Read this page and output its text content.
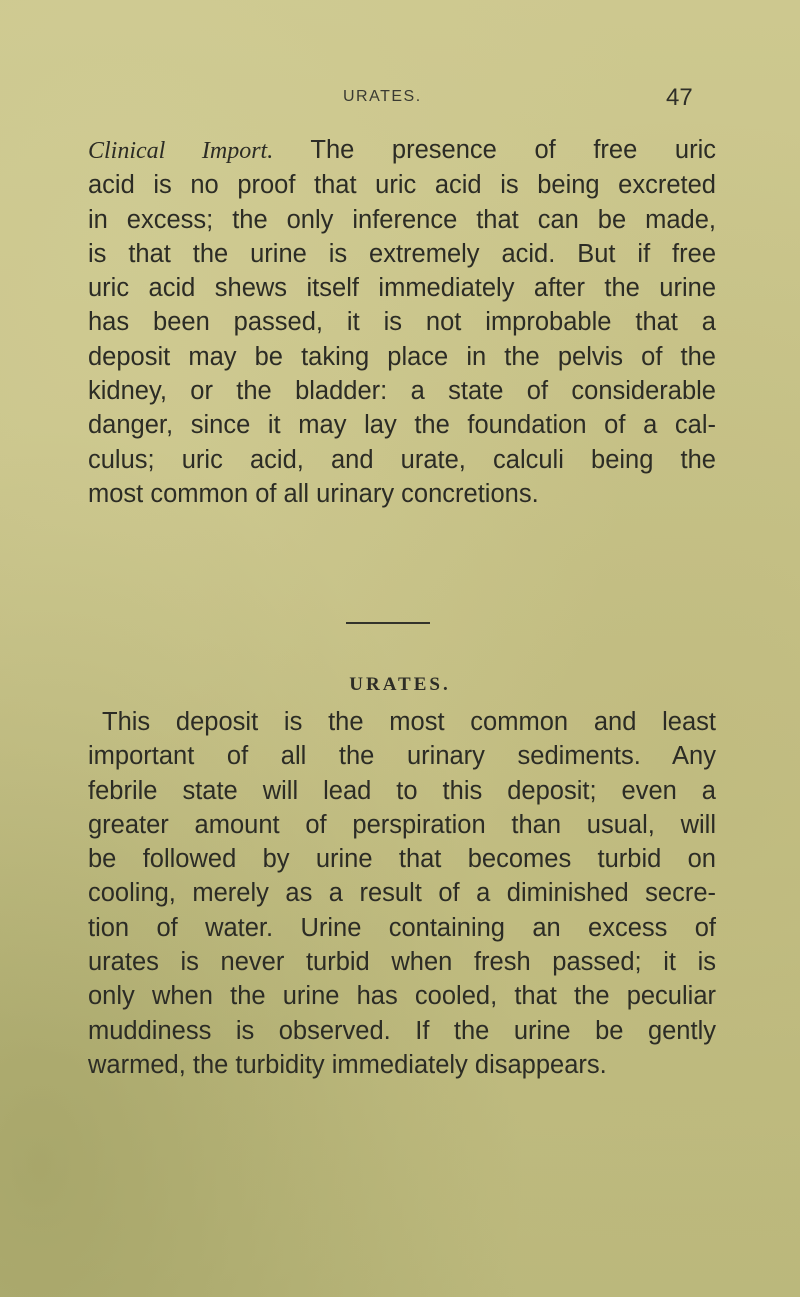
URATES.	47
Clinical Import. The presence of free uric
acid is no proof that uric acid is being excreted
in excess; the only inference that can be made,
is that the urine is extremely acid. But if free
uric acid shews itself immediately after the urine
has been passed, it is not improbable that a
deposit may be taking place in the pelvis of the
kidney, or the bladder: a state of considerable
danger, since it may lay the foundation of a cal-
culus; uric acid, and urate, calculi being the
most common of all urinary concretions.
URATES.
This deposit is the most common and least
important of all the urinary sediments. Any
febrile state will lead to this deposit; even a
greater amount of perspiration than usual, will
be followed by urine that becomes turbid on
cooling, merely as a result of a diminished secre-
tion of water. Urine containing an excess of
urates is never turbid when fresh passed; it is
only when the urine has cooled, that the peculiar
muddiness is observed. If the urine be gently
warmed, the turbidity immediately disappears.
